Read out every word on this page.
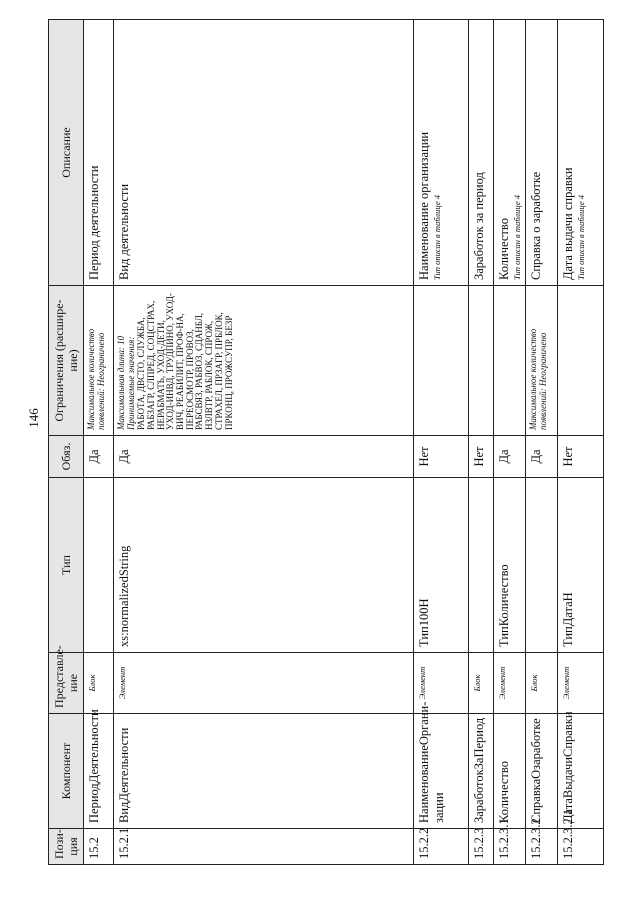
146
Пози-ция	Компонент	Представле-ние	Тип	Обяз.	Ограничения (расшире-ние)	Описание
15.2	ПериодДеятельности	Блок		Да	Максимальное количество появлений: Неограничено	Период деятельности
15.2.1	ВидДеятельности	Элемент	xs:normalizedString	Да	Максимальная длина: 10 Принимаемые значения: РАБОТА, ДВСТО, СЛУЖБА, РАБЗАГР, СЛПРЕД, СОЦСТРАХ, НЕРАБМАТЬ, УХОД-ДЕТИ, УХОД-ИНВД, ТРУДПИНО, УХОД-ВИЧ, РЕАБИЛИТ, ПРОФ-НА, ПЕРЕОСМОТР, ПРОВОЗ, РАБСВЯЗ, РАБВОЗ, СДАНБЛ, НЗЛВТР, РАБЛОК, СПРОЖ, СТРАХЕЛ, ПРЗАГР, ПРБЛОК, ПРКОНЦ, ПРОЖСУПР, БЕЗР	Вид деятельности
15.2.2	НаименованиеОргани-зации	Элемент	Тип100Н	Нет		Наименование организации Тип описан в таблице 4

15.2.3	ЗаработокЗаПериод	Блок		Нет		Заработок за период
15.2.3.1	Количество	Элемент	ТипКоличество	Да		Количество Тип описан в таблице 4

15.2.3.2	СправкаОзаработке	Блок		Да	Максимальное количество появлений: Неограничено	Справка о заработке
15.2.3.2.1	ДатаВыдачиСправки	Элемент	ТипДатаН	Нет		Дата выдачи справки Тип описан в таблице 4
